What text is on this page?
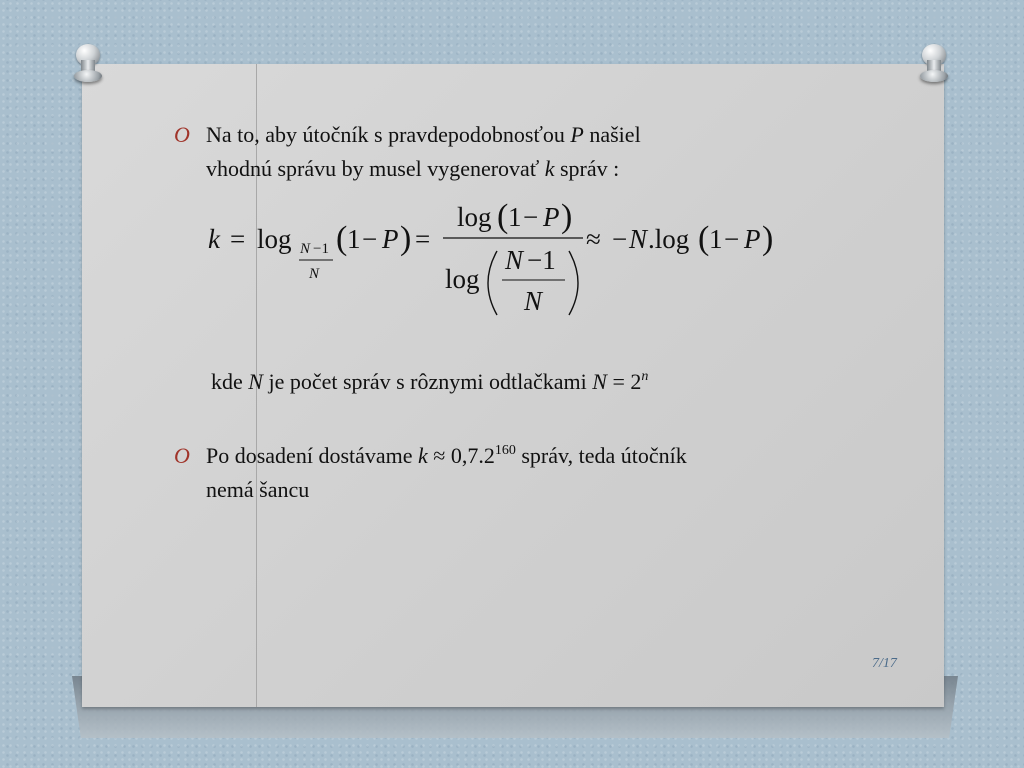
O Na to, aby útočník s pravdepodobnosťou P našiel
vhodnú správu by musel vygenerovať k správ :
k = log N −1
N
( 1 − P ) =
log ( 1 − P )
log
N −1
N
≈ − N .log ( 1 − P )
kde N je počet správ s rôznymi odtlačkami $N = 2^n$
O Po dosadení dostávame $k \approx 0,7.2^{160}$ správ, teda útočník
nemá šancu
7/17
